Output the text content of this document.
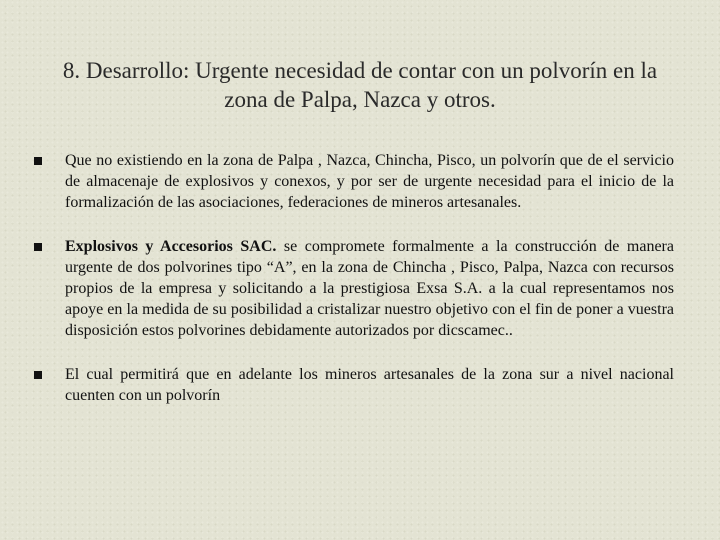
8. Desarrollo: Urgente necesidad de contar con un polvorín en la zona de Palpa, Nazca y otros.
Que no existiendo en la zona de Palpa , Nazca, Chincha, Pisco, un polvorín que de el servicio de almacenaje de explosivos y conexos, y por ser de urgente necesidad para el inicio de la formalización de las asociaciones, federaciones de mineros artesanales.
Explosivos y Accesorios SAC. se compromete formalmente a la construcción de manera urgente de dos polvorines tipo “A”, en la zona de Chincha , Pisco, Palpa, Nazca con recursos propios de la empresa y solicitando a la prestigiosa Exsa S.A. a la cual representamos nos apoye en la medida de su posibilidad a cristalizar nuestro objetivo con el fin de poner a vuestra disposición estos polvorines debidamente autorizados por dicscamec..
El cual permitirá que en adelante los mineros artesanales de la zona sur a nivel nacional cuenten con un polvorín
